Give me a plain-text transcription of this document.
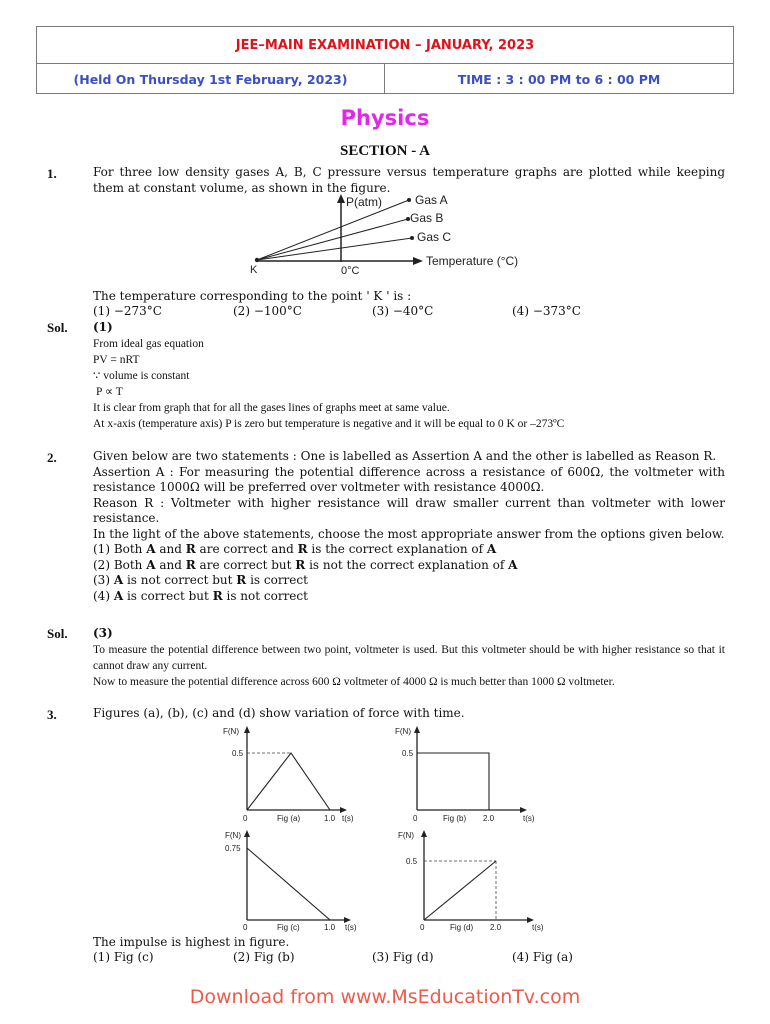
JEE–MAIN EXAMINATION – JANUARY, 2023
(Held On Thursday 1st February, 2023)	TIME : 3 : 00 PM to 6 : 00 PM
Physics
SECTION - A
1.	For three low density gases A, B, C pressure versus temperature graphs are plotted while keeping them at constant volume, as shown in the figure.
P(atm)
Temperature (°C)
0°C
K
Gas A
Gas B
Gas C
The temperature corresponding to the point ' K ' is :
(1) −273°C	(2) −100°C	(3) −40°C	(4) −373°C
Sol. (1)
From ideal gas equation
PV = nRT
∵ volume is constant
P ∝ T
It is clear from graph that for all the gases lines of graphs meet at same value.
At x-axis (temperature axis) P is zero but temperature is negative and it will be equal to 0 K or –273ºC
2.	Given below are two statements : One is labelled as Assertion A and the other is labelled as Reason R.
Assertion A : For measuring the potential difference across a resistance of 600Ω, the voltmeter with resistance 1000Ω will be preferred over voltmeter with resistance 4000Ω.
Reason R : Voltmeter with higher resistance will draw smaller current than voltmeter with lower resistance.
In the light of the above statements, choose the most appropriate answer from the options given below.
(1) Both A and R are correct and R is the correct explanation of A
(2) Both A and R are correct but R is not the correct explanation of A
(3) A is not correct but R is correct
(4) A is correct but R is not correct
Sol. (3)
To measure the potential difference between two point, voltmeter is used. But this voltmeter should be with higher resistance so that it cannot draw any current.
Now to measure the potential difference across 600 Ω voltmeter of 4000 Ω is much better than 1000 Ω voltmeter.
3.	Figures (a), (b), (c) and (d) show variation of force with time.
F(N)
0.5
0	Fig (a)	1.0 t(s)
F(N)
0.5
0	Fig (b) 2.0	t(s)
F(N)
0.75
0	Fig (c)	1.0 t(s)
F(N)
0.5
0	Fig (d) 2.0	t(s)
The impulse is highest in figure.
(1) Fig (c)	(2) Fig (b)	(3) Fig (d)	(4) Fig (a)
Download from www.MsEducationTv.com
